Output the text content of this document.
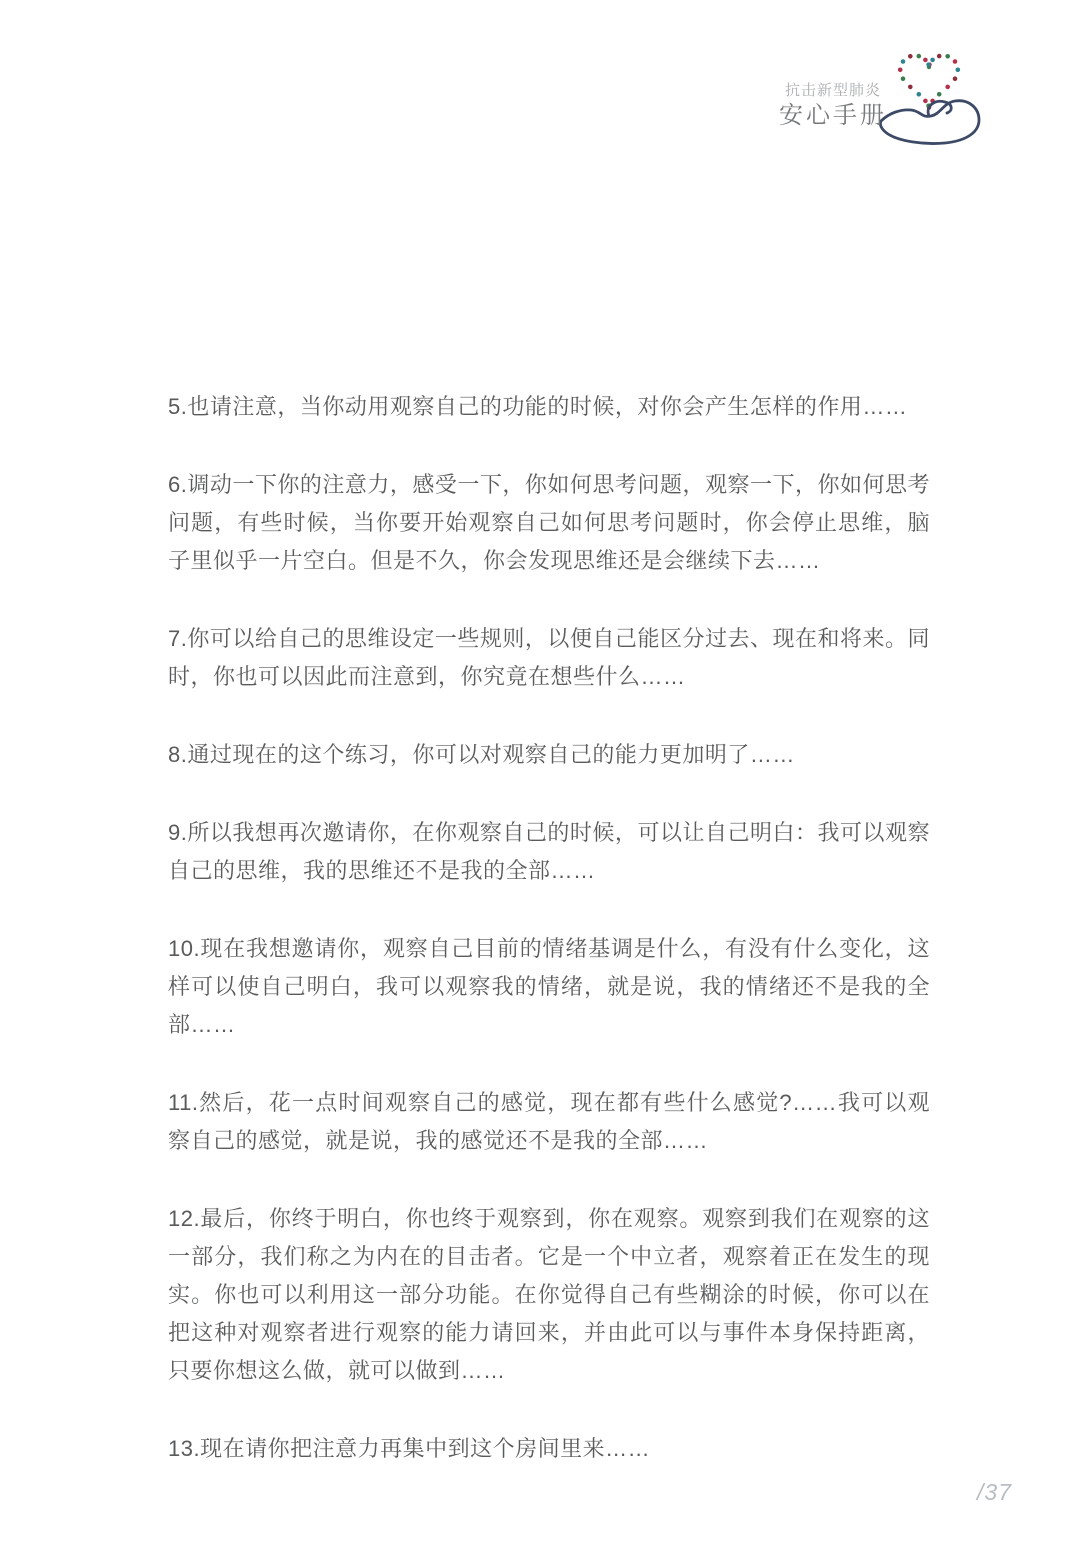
抗击新型肺炎
安心手册

5.也请注意，当你动用观察自己的功能的时候，对你会产生怎样的作用……

6.调动一下你的注意力，感受一下，你如何思考问题，观察一下，你如何思考问题，有些时候，当你要开始观察自己如何思考问题时，你会停止思维，脑子里似乎一片空白。但是不久，你会发现思维还是会继续下去……

7.你可以给自己的思维设定一些规则，以便自己能区分过去、现在和将来。同时，你也可以因此而注意到，你究竟在想些什么……

8.通过现在的这个练习，你可以对观察自己的能力更加明了……

9.所以我想再次邀请你，在你观察自己的时候，可以让自己明白：我可以观察自己的思维，我的思维还不是我的全部……

10.现在我想邀请你，观察自己目前的情绪基调是什么，有没有什么变化，这样可以使自己明白，我可以观察我的情绪，就是说，我的情绪还不是我的全部……

11.然后，花一点时间观察自己的感觉，现在都有些什么感觉?……我可以观察自己的感觉，就是说，我的感觉还不是我的全部……

12.最后，你终于明白，你也终于观察到，你在观察。观察到我们在观察的这一部分，我们称之为内在的目击者。它是一个中立者，观察着正在发生的现实。你也可以利用这一部分功能。在你觉得自己有些糊涂的时候，你可以在把这种对观察者进行观察的能力请回来，并由此可以与事件本身保持距离，只要你想这么做，就可以做到……

13.现在请你把注意力再集中到这个房间里来……

/37
